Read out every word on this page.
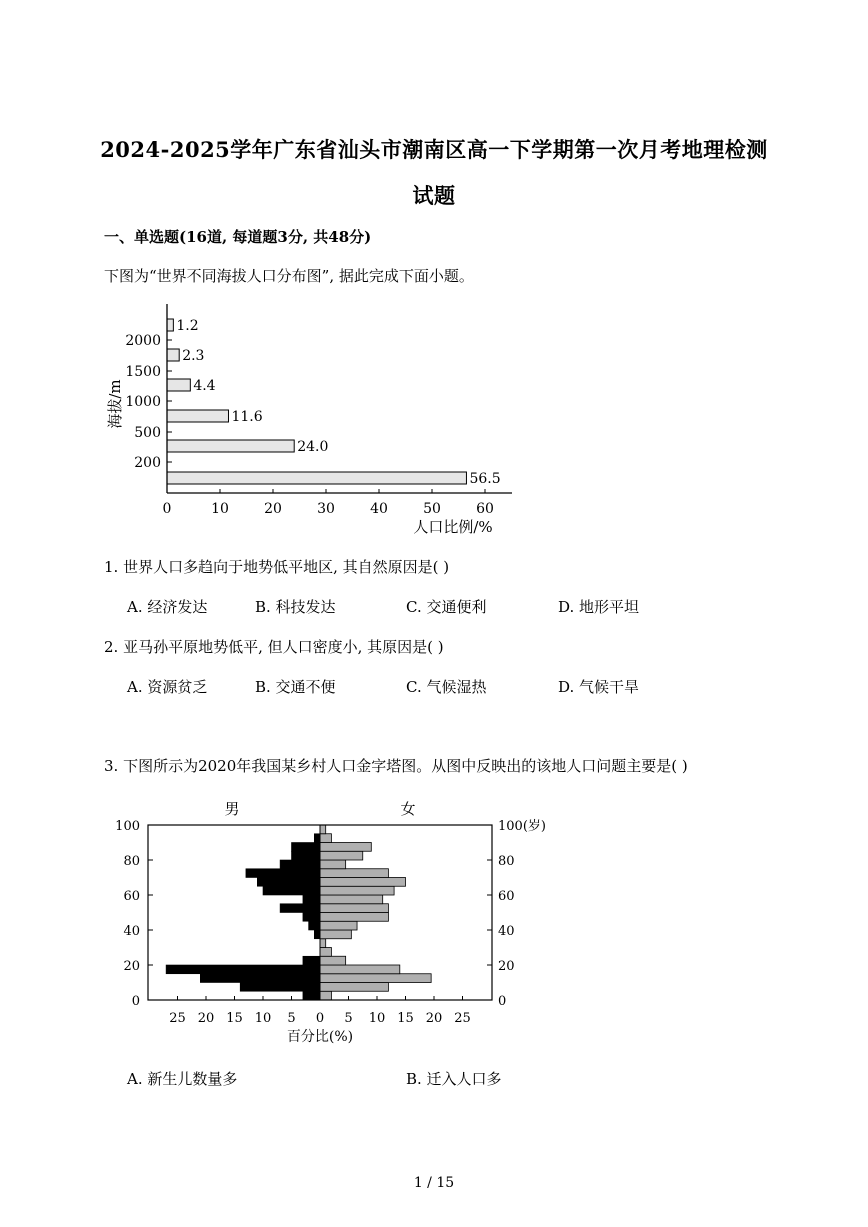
2024-2025学年广东省汕头市潮南区高一下学期第一次月考地理检测
试题
一、单选题(16道, 每道题3分, 共48分)
下图为“世界不同海拔人口分布图”, 据此完成下面小题。
56.5
24.0
11.6
4.4
2.3
1.2
200
500
1000
1500
2000
0	10	20	30	40	50	60
海拔/m
人口比例/%
1. 世界人口多趋向于地势低平地区, 其自然原因是( )
A. 经济发达	B. 科技发达	C. 交通便利	D. 地形平坦
2. 亚马孙平原地势低平, 但人口密度小, 其原因是( )
A. 资源贫乏	B. 交通不便	C. 气候湿热	D. 气候干旱
3. 下图所示为2020年我国某乡村人口金字塔图。从图中反映出的该地人口问题主要是( )
0	0
20	20
40	40
60	60
80	80
100	100(岁)
25 20 15 10 5 0 5 10 15 20 25
男	女
百分比(%)
A. 新生儿数量多	B. 迁入人口多
1 / 15
